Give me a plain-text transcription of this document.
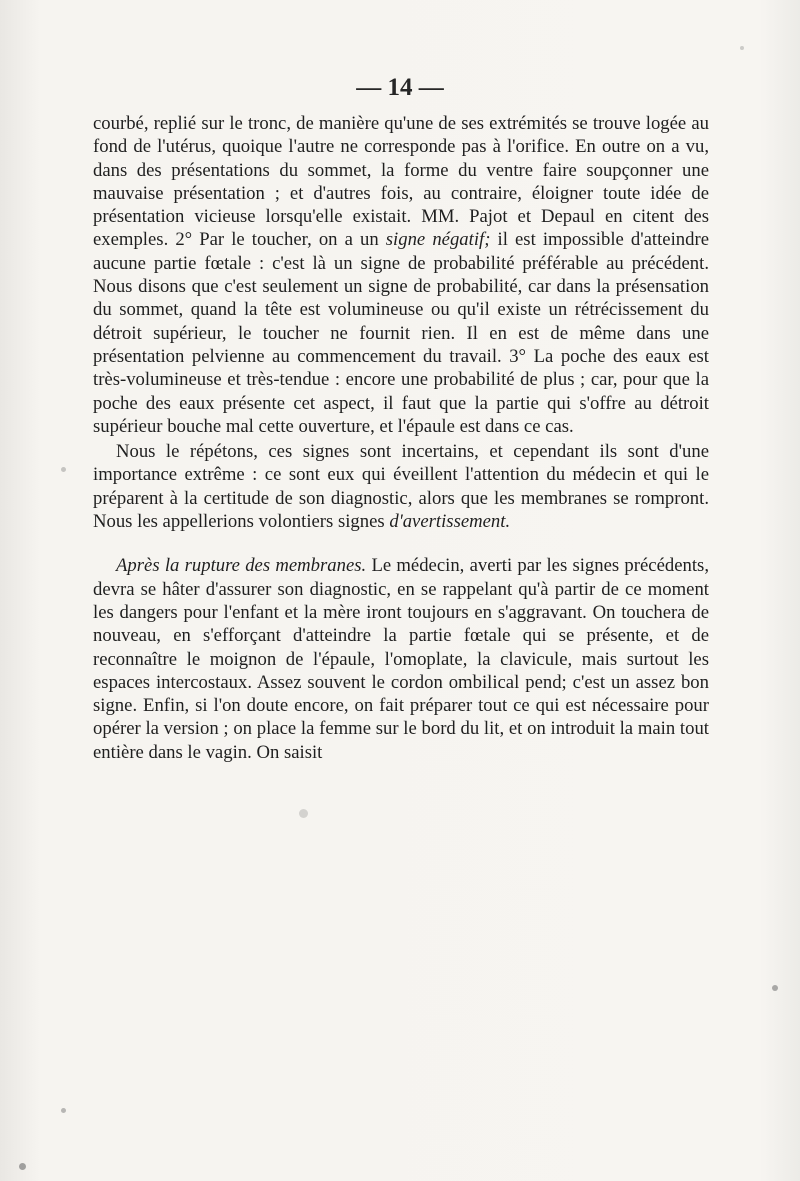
— 14 —

courbé, replié sur le tronc, de manière qu'une de ses extrémités se trouve logée au fond de l'utérus, quoique l'autre ne corresponde pas à l'orifice. En outre on a vu, dans des présentations du sommet, la forme du ventre faire soupçonner une mauvaise présentation ; et d'autres fois, au contraire, éloigner toute idée de présentation vicieuse lorsqu'elle existait. MM. Pajot et Depaul en citent des exemples. 2° Par le toucher, on a un signe négatif; il est impossible d'atteindre aucune partie fœtale : c'est là un signe de probabilité préférable au précédent. Nous disons que c'est seulement un signe de probabilité, car dans la présensation du sommet, quand la tête est volumineuse ou qu'il existe un rétrécissement du détroit supérieur, le toucher ne fournit rien. Il en est de même dans une présentation pelvienne au commencement du travail. 3° La poche des eaux est très-volumineuse et très-tendue : encore une probabilité de plus ; car, pour que la poche des eaux présente cet aspect, il faut que la partie qui s'offre au détroit supérieur bouche mal cette ouverture, et l'épaule est dans ce cas.

Nous le répétons, ces signes sont incertains, et cependant ils sont d'une importance extrême : ce sont eux qui éveillent l'attention du médecin et qui le préparent à la certitude de son diagnostic, alors que les membranes se rompront. Nous les appellerions volontiers signes d'avertissement.

Après la rupture des membranes. Le médecin, averti par les signes précédents, devra se hâter d'assurer son diagnostic, en se rappelant qu'à partir de ce moment les dangers pour l'enfant et la mère iront toujours en s'aggravant. On touchera de nouveau, en s'efforçant d'atteindre la partie fœtale qui se présente, et de reconnaître le moignon de l'épaule, l'omoplate, la clavicule, mais surtout les espaces intercostaux. Assez souvent le cordon ombilical pend; c'est un assez bon signe. Enfin, si l'on doute encore, on fait préparer tout ce qui est nécessaire pour opérer la version ; on place la femme sur le bord du lit, et on introduit la main tout entière dans le vagin. On saisit
